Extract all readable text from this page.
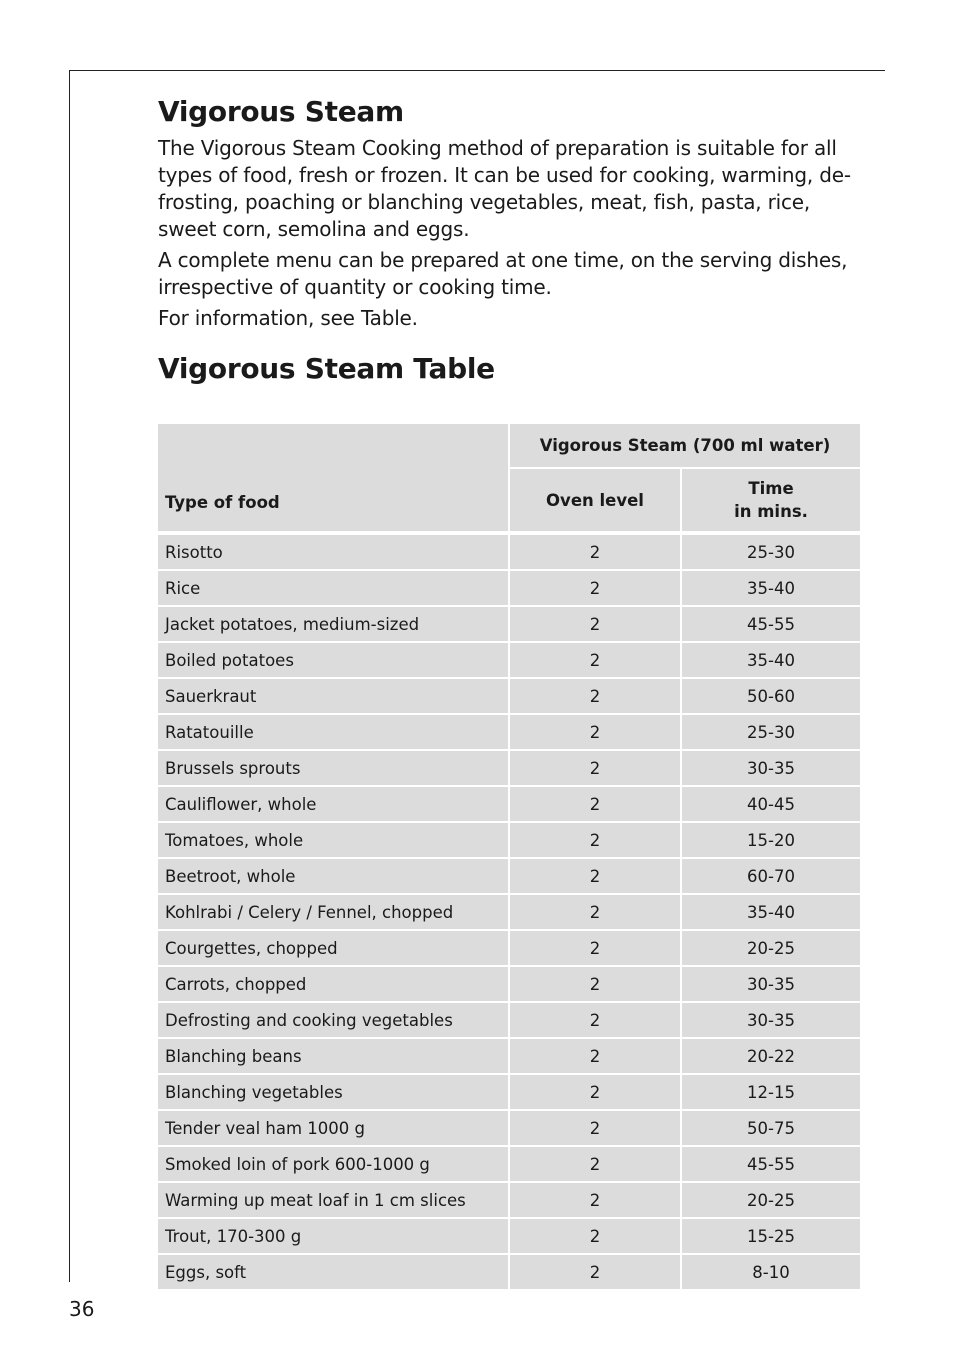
Vigorous Steam
The Vigorous Steam Cooking method of preparation is suitable for all
types of food, fresh or frozen. It can be used for cooking, warming, de-
frosting, poaching or blanching vegetables, meat, fish, pasta, rice,
sweet corn, semolina and eggs.
A complete menu can be prepared at one time, on the serving dishes,
irrespective of quantity or cooking time.
For information, see Table.
Vigorous Steam Table
Type of food	Vigorous Steam (700 ml water)	
	Oven level	Time
in mins.

Risotto	2	25-30
Rice	2	35-40
Jacket potatoes, medium-sized	2	45-55
Boiled potatoes	2	35-40
Sauerkraut	2	50-60
Ratatouille	2	25-30
Brussels sprouts	2	30-35
Cauliflower, whole	2	40-45
Tomatoes, whole	2	15-20
Beetroot, whole	2	60-70
Kohlrabi / Celery / Fennel, chopped	2	35-40
Courgettes, chopped	2	20-25
Carrots, chopped	2	30-35
Defrosting and cooking vegetables	2	30-35
Blanching beans	2	20-22
Blanching vegetables	2	12-15
Tender veal ham 1000 g	2	50-75
Smoked loin of pork 600-1000 g	2	45-55
Warming up meat loaf in 1 cm slices	2	20-25
Trout, 170-300 g	2	15-25
Eggs, soft	2	8-10
36
